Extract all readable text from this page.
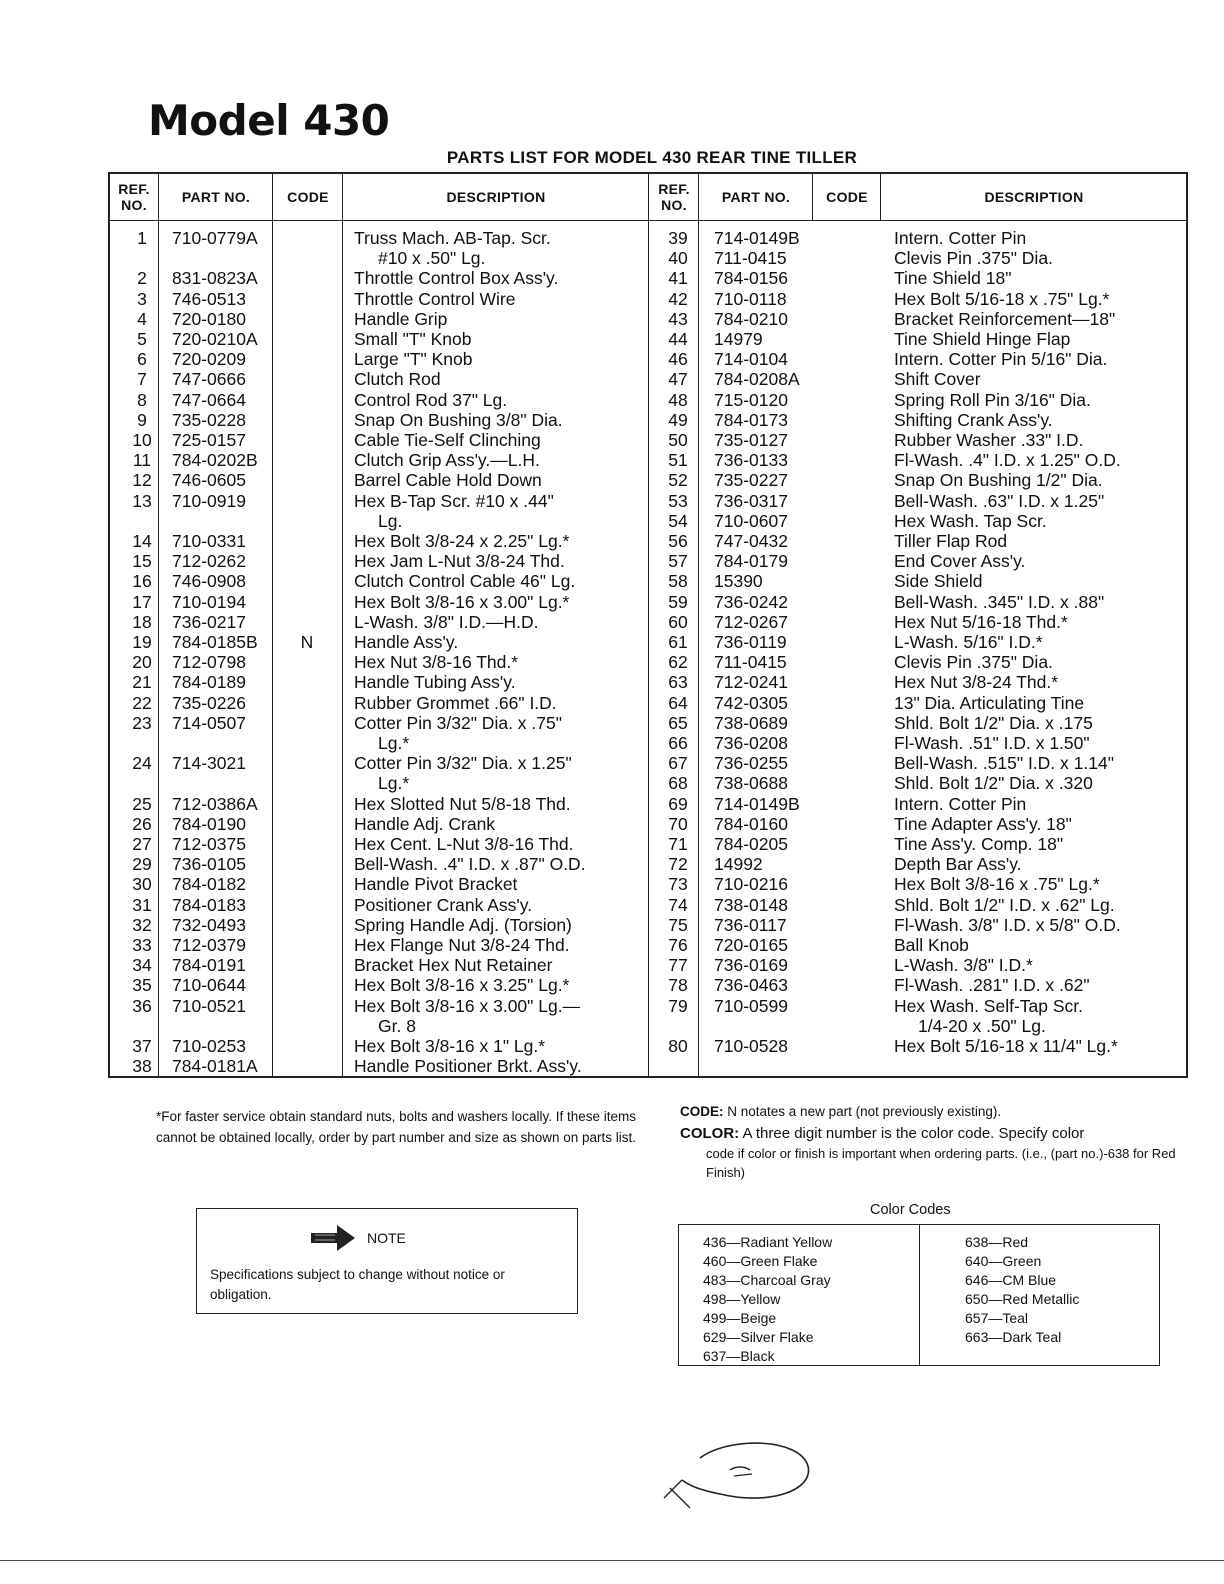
Model 430
PARTS LIST FOR MODEL 430 REAR TINE TILLER
REF. NO.	PART NO.	CODE	DESCRIPTION	REF. NO.	PART NO.	CODE	DESCRIPTION
1	710-0779A	Truss Mach. AB-Tap. Scr.
#10 x .50" Lg.
2	831-0823A	Throttle Control Box Ass'y.
3	746-0513	Throttle Control Wire
4	720-0180	Handle Grip
5	720-0210A	Small "T" Knob
6	720-0209	Large "T" Knob
7	747-0666	Clutch Rod
8	747-0664	Control Rod 37" Lg.
9	735-0228	Snap On Bushing 3/8" Dia.
10	725-0157	Cable Tie-Self Clinching
11	784-0202B	Clutch Grip Ass'y.—L.H.
12	746-0605	Barrel Cable Hold Down
13	710-0919	Hex B-Tap Scr. #10 x .44"
Lg.
14	710-0331	Hex Bolt 3/8-24 x 2.25" Lg.*
15	712-0262	Hex Jam L-Nut 3/8-24 Thd.
16	746-0908	Clutch Control Cable 46" Lg.
17	710-0194	Hex Bolt 3/8-16 x 3.00" Lg.*
18	736-0217	L-Wash. 3/8" I.D.—H.D.
19	784-0185B	N	Handle Ass'y.
20	712-0798	Hex Nut 3/8-16 Thd.*
21	784-0189	Handle Tubing Ass'y.
22	735-0226	Rubber Grommet .66" I.D.
23	714-0507	Cotter Pin 3/32" Dia. x .75"
Lg.*
24	714-3021	Cotter Pin 3/32" Dia. x 1.25"
Lg.*
25	712-0386A	Hex Slotted Nut 5/8-18 Thd.
26	784-0190	Handle Adj. Crank
27	712-0375	Hex Cent. L-Nut 3/8-16 Thd.
29	736-0105	Bell-Wash. .4" I.D. x .87" O.D.
30	784-0182	Handle Pivot Bracket
31	784-0183	Positioner Crank Ass'y.
32	732-0493	Spring Handle Adj. (Torsion)
33	712-0379	Hex Flange Nut 3/8-24 Thd.
34	784-0191	Bracket Hex Nut Retainer
35	710-0644	Hex Bolt 3/8-16 x 3.25" Lg.*
36	710-0521	Hex Bolt 3/8-16 x 3.00" Lg.—
Gr. 8
37	710-0253	Hex Bolt 3/8-16 x 1" Lg.*
38	784-0181A	Handle Positioner Brkt. Ass'y.
39	714-0149B	Intern. Cotter Pin
40	711-0415	Clevis Pin .375" Dia.
41	784-0156	Tine Shield 18"
42	710-0118	Hex Bolt 5/16-18 x .75" Lg.*
43	784-0210	Bracket Reinforcement—18"
44	14979	Tine Shield Hinge Flap
46	714-0104	Intern. Cotter Pin 5/16" Dia.
47	784-0208A	Shift Cover
48	715-0120	Spring Roll Pin 3/16" Dia.
49	784-0173	Shifting Crank Ass'y.
50	735-0127	Rubber Washer .33" I.D.
51	736-0133	Fl-Wash. .4" I.D. x 1.25" O.D.
52	735-0227	Snap On Bushing 1/2" Dia.
53	736-0317	Bell-Wash. .63" I.D. x 1.25"
54	710-0607	Hex Wash. Tap Scr.
56	747-0432	Tiller Flap Rod
57	784-0179	End Cover Ass'y.
58	15390	Side Shield
59	736-0242	Bell-Wash. .345" I.D. x .88"
60	712-0267	Hex Nut 5/16-18 Thd.*
61	736-0119	L-Wash. 5/16" I.D.*
62	711-0415	Clevis Pin .375" Dia.
63	712-0241	Hex Nut 3/8-24 Thd.*
64	742-0305	13" Dia. Articulating Tine
65	738-0689	Shld. Bolt 1/2" Dia. x .175
66	736-0208	Fl-Wash. .51" I.D. x 1.50"
67	736-0255	Bell-Wash. .515" I.D. x 1.14"
68	738-0688	Shld. Bolt 1/2" Dia. x .320
69	714-0149B	Intern. Cotter Pin
70	784-0160	Tine Adapter Ass'y. 18"
71	784-0205	Tine Ass'y. Comp. 18"
72	14992	Depth Bar Ass'y.
73	710-0216	Hex Bolt 3/8-16 x .75" Lg.*
74	738-0148	Shld. Bolt 1/2" I.D. x .62" Lg.
75	736-0117	Fl-Wash. 3/8" I.D. x 5/8" O.D.
76	720-0165	Ball Knob
77	736-0169	L-Wash. 3/8" I.D.*
78	736-0463	Fl-Wash. .281" I.D. x .62"
79	710-0599	Hex Wash. Self-Tap Scr.
1/4-20 x .50" Lg.
80	710-0528	Hex Bolt 5/16-18 x 11/4" Lg.*
*For faster service obtain standard nuts, bolts and washers locally. If these items cannot be obtained locally, order by part number and size as shown on parts list.
CODE: N notates a new part (not previously existing).
COLOR: A three digit number is the color code. Specify color
code if color or finish is important when ordering parts. (i.e., (part no.)-638 for Red Finish)
NOTE
Specifications subject to change without notice or obligation.
Color Codes
436—Radiant Yellow
460—Green Flake
483—Charcoal Gray
498—Yellow
499—Beige
629—Silver Flake
637—Black
638—Red
640—Green
646—CM Blue
650—Red Metallic
657—Teal
663—Dark Teal
